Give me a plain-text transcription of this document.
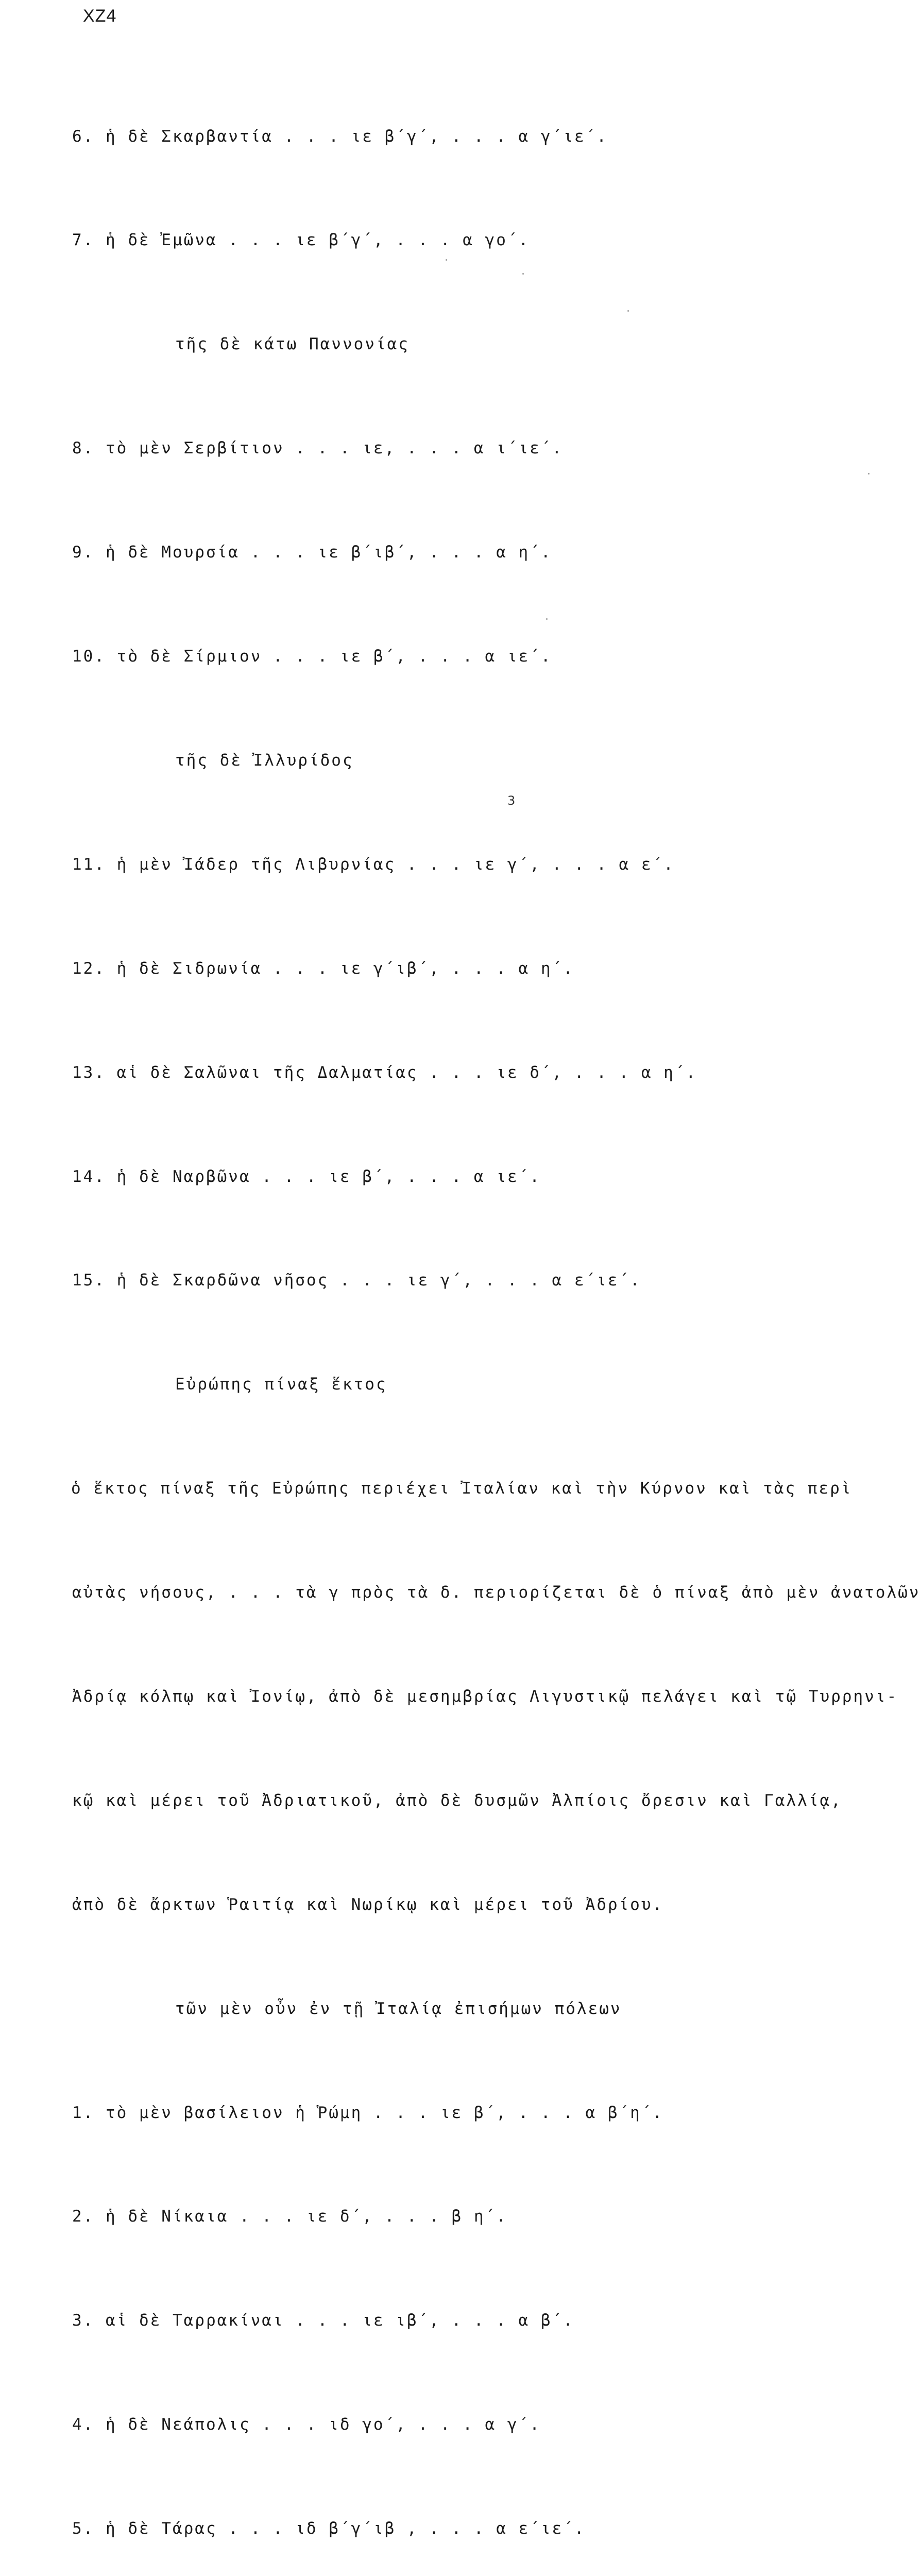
XZ4

6. ἡ δὲ Σκαρβαντία . . . ιε β΄γ΄, . . . α γ΄ιε΄.

7. ἡ δὲ Ἐμῶνα . . . ιε β΄γ΄, . . . α γο΄.

τῆς δὲ κάτω Παννονίας

8. τὸ μὲν Σερβίτιον . . . ιε, . . . α ι΄ιε΄.

9. ἡ δὲ Μουρσία . . . ιε β΄ιβ΄, . . . α η΄.

10. τὸ δὲ Σίρμιον . . . ιε β΄, . . . α ιε΄.

τῆς δὲ Ἰλλυρίδος

11. ἡ μὲν Ἰάδερ τῆς Λιβυρνίας . . . ιε γ΄, . . . α ε΄.

12. ἡ δὲ Σιδρωνία . . . ιε γ΄ιβ΄, . . . α η΄.

13. αἱ δὲ Σαλῶναι τῆς Δαλματίας . . . ιε δ΄, . . . α η΄.

14. ἡ δὲ Ναρβῶνα . . . ιε β΄, . . . α ιε΄.

15. ἡ δὲ Σκαρδῶνα νῆσος . . . ιε γ΄, . . . α ε΄ιε΄.

Εὐρώπης πίναξ ἕκτος

ὁ ἕκτος πίναξ τῆς Εὐρώπης περιέχει Ἰταλίαν καὶ τὴν Κύρνον καὶ τὰς περὶ

αὐτὰς νήσους, . . . τὰ γ πρὸς τὰ δ. περιορίζεται δὲ ὁ πίναξ ἀπὸ μὲν ἀνατολῶν

Ἀδρίᾳ κόλπῳ καὶ Ἰονίῳ, ἀπὸ δὲ μεσημβρίας Λιγυστικῷ πελάγει καὶ τῷ Τυρρηνι-

κῷ καὶ μέρει τοῦ Ἀδριατικοῦ, ἀπὸ δὲ δυσμῶν Ἀλπίοις ὄρεσιν καὶ Γαλλίᾳ,

ἀπὸ δὲ ἄρκτων Ῥαιτίᾳ καὶ Νωρίκῳ καὶ μέρει τοῦ Ἀδρίου.

τῶν μὲν οὖν ἐν τῇ Ἰταλίᾳ ἐπισήμων πόλεων

1. τὸ μὲν βασίλειον ἡ Ῥώμη . . . ιε β΄, . . . α β΄η΄.

2. ἡ δὲ Νίκαια . . . ιε δ΄, . . . β η΄.

3. αἱ δὲ Ταρρακίναι . . . ιε ιβ΄, . . . α β΄.

4. ἡ δὲ Νεάπολις . . . ιδ γο΄, . . . α γ΄.

5. ἡ δὲ Τάρας . . . ιδ β΄γ΄ιβ , . . . α ε΄ιε΄.

3
